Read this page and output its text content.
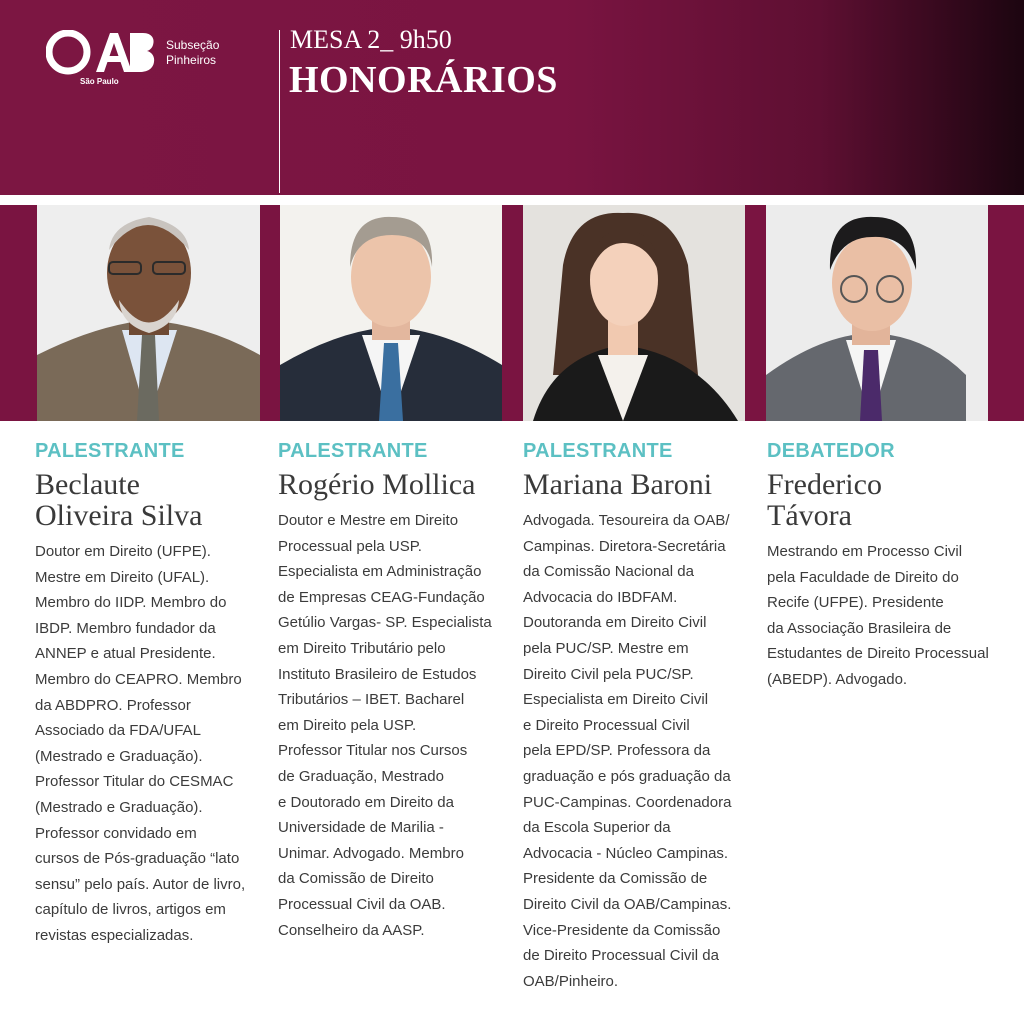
Subseção
Pinheiros
São Paulo
MESA 2_ 9h50
HONORÁRIOS
PALESTRANTE
Beclaute
Oliveira Silva
Doutor em Direito (UFPE).
Mestre em Direito (UFAL).
Membro do IIDP. Membro do
IBDP. Membro fundador da
ANNEP e atual Presidente.
Membro do CEAPRO. Membro
da ABDPRO. Professor
Associado da FDA/UFAL
(Mestrado e Graduação).
Professor Titular do CESMAC
(Mestrado e Graduação).
Professor convidado em
cursos de Pós-graduação “lato
sensu” pelo país. Autor de livro,
capítulo de livros, artigos em
revistas especializadas.
PALESTRANTE
Rogério Mollica
Doutor e Mestre em Direito
Processual pela USP.
Especialista em Administração
de Empresas CEAG-Fundação
Getúlio Vargas- SP. Especialista
em Direito Tributário pelo
Instituto Brasileiro de Estudos
Tributários – IBET. Bacharel
em Direito pela USP.
Professor Titular nos Cursos
de Graduação, Mestrado
e Doutorado em Direito da
Universidade de Marilia -
Unimar. Advogado. Membro
da Comissão de Direito
Processual Civil da OAB.
Conselheiro da AASP.
PALESTRANTE
Mariana Baroni
Advogada. Tesoureira da OAB/
Campinas. Diretora-Secretária
da Comissão Nacional da
Advocacia do IBDFAM.
Doutoranda em Direito Civil
pela PUC/SP. Mestre em
Direito Civil pela PUC/SP.
Especialista em Direito Civil
e Direito Processual Civil
pela EPD/SP. Professora da
graduação e pós graduação da
PUC-Campinas. Coordenadora
da Escola Superior da
Advocacia - Núcleo Campinas.
Presidente da Comissão de
Direito Civil da OAB/Campinas.
Vice-Presidente da Comissão
de Direito Processual Civil da
OAB/Pinheiro.
DEBATEDOR
Frederico
Távora
Mestrando em Processo Civil
pela Faculdade de Direito do
Recife (UFPE). Presidente
da Associação Brasileira de
Estudantes de Direito Processual
(ABEDP). Advogado.
